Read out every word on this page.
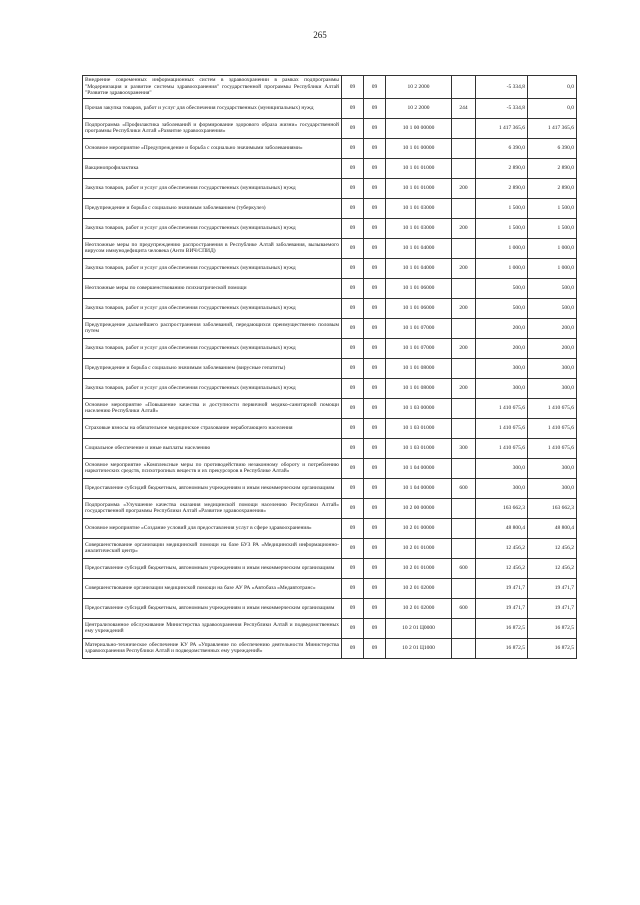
265
Внедрение современных информационных систем в здравоохранении в рамках подпрограммы "Модернизация и развитие системы здравоохранения" государственной программы Республики Алтай "Развитие здравоохранения"	09	09	10 2 2000		-5 334,8	0,0
Прочая закупка товаров, работ и услуг для обеспечения государственных (муниципальных) нужд	09	09	10 2 2000	244	-5 334,8	0,0
Подпрограмма «Профилактика заболеваний и формирование здорового образа жизни» государственной программы Республики Алтай «Развитие здравоохранения»	09	09	10 1 00 00000		1 417 365,6	1 417 365,6
Основное мероприятие «Предупреждение и борьба с социально значимыми заболеваниями»	09	09	10 1 01 00000		6 390,0	6 390,0
Вакцинопрофилактика	09	09	10 1 01 01000		2 890,0	2 890,0
Закупка товаров, работ и услуг для обеспечения государственных (муниципальных) нужд	09	09	10 1 01 01000	200	2 890,0	2 890,0
Предупреждение и борьба с социально значимым заболеванием (туберкулез)	09	09	10 1 01 03000		1 500,0	1 500,0
Закупка товаров, работ и услуг для обеспечения государственных (муниципальных) нужд	09	09	10 1 01 03000	200	1 500,0	1 500,0
Неотложные меры по предупреждению распространения в Республике Алтай заболевания, вызываемого вирусом иммунодефицита человека (Анти ВИЧ/СПИД)	09	09	10 1 01 04000		1 000,0	1 000,0
Закупка товаров, работ и услуг для обеспечения государственных (муниципальных) нужд	09	09	10 1 01 04000	200	1 000,0	1 000,0
Неотложные меры по совершенствованию психиатрической помощи	09	09	10 1 01 06000		500,0	500,0
Закупка товаров, работ и услуг для обеспечения государственных (муниципальных) нужд	09	09	10 1 01 06000	200	500,0	500,0
Предупреждение дальнейшего распространения заболеваний, передающихся преимущественно половым путем	09	09	10 1 01 07000		200,0	200,0
Закупка товаров, работ и услуг для обеспечения государственных (муниципальных) нужд	09	09	10 1 01 07000	200	200,0	200,0
Предупреждение и борьба с социально значимым заболеванием (вирусные гепатиты)	09	09	10 1 01 08000		300,0	300,0
Закупка товаров, работ и услуг для обеспечения государственных (муниципальных) нужд	09	09	10 1 01 08000	200	300,0	300,0
Основное мероприятие «Повышение качества и доступности первичной медико-санитарной помощи населению Республики Алтай»	09	09	10 1 03 00000		1 410 675,6	1 410 675,6
Страховые взносы на обязательное медицинское страхование неработающего населения	09	09	10 1 03 01000		1 410 675,6	1 410 675,6
Социальное обеспечение и иные выплаты населению	09	09	10 1 03 01000	300	1 410 675,6	1 410 675,6
Основное мероприятие «Комплексные меры по противодействию незаконному обороту и потреблению наркотических средств, психотропных веществ и их прекурсоров в Республике Алтай»	09	09	10 1 04 00000		300,0	300,0
Предоставление субсидий бюджетным, автономным учреждениям и иным некоммерческим организациям	09	09	10 1 04 00000	600	300,0	300,0
Подпрограмма «Улучшение качества оказания медицинской помощи населению Республики Алтай» государственной программы Республики Алтай «Развитие здравоохранения»	09	09	10 2 00 00000		163 662,3	163 662,3
Основное мероприятие «Создание условий для предоставления услуг в сфере здравоохранения»	09	09	10 2 01 00000		48 800,4	48 800,4
Совершенствование организации медицинской помощи на базе БУЗ РА «Медицинский информационно-аналитический центр»	09	09	10 2 01 01000		12 456,2	12 456,2
Предоставление субсидий бюджетным, автономным учреждениям и иным некоммерческим организациям	09	09	10 2 01 01000	600	12 456,2	12 456,2
Совершенствование организации медицинской помощи на базе АУ РА «Автобаза «Медавтотранс»	09	09	10 2 01 02000		19 471,7	19 471,7
Предоставление субсидий бюджетным, автономным учреждениям и иным некоммерческим организациям	09	09	10 2 01 02000	600	19 471,7	19 471,7
Централизованное обслуживание Министерства здравоохранения Республики Алтай и подведомственных ему учреждений	09	09	10 2 01 Ц0000		16 872,5	16 872,5
Материально-техническое обеспечение КУ РА «Управление по обеспечению деятельности Министерства здравоохранения Республики Алтай и подведомственных ему учреждений»	09	09	10 2 01 Ц1000		16 872,5	16 872,5
